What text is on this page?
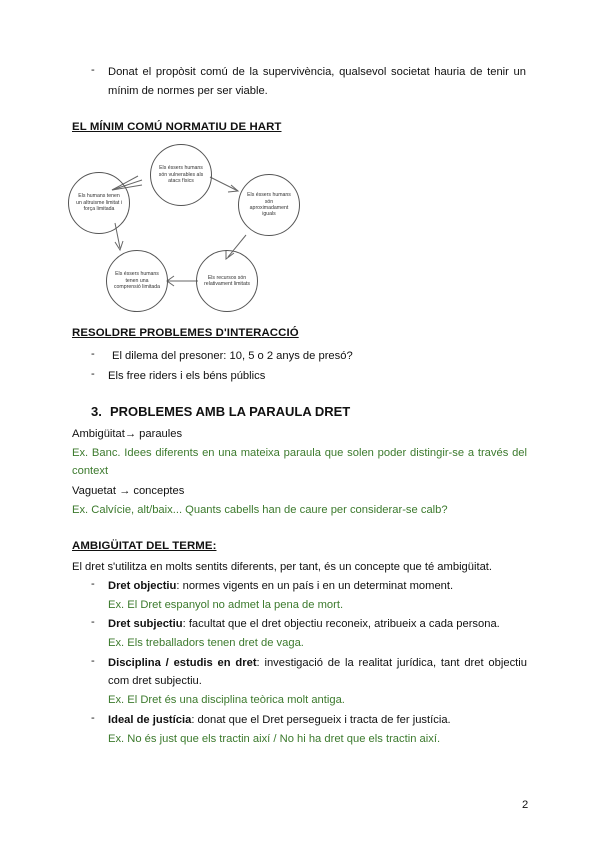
- Donat el propòsit comú de la supervivència, qualsevol societat hauria de tenir un
mínim de normes per ser viable.
EL MÍNIM COMÚ NORMATIU DE HART
Els éssers humans són vulnerables als atacs físics
Els éssers humans són aproximadament iguals
Els recursos són relativament limitats
Els éssers humans tenen una comprensió limitada
Els humans tenen un altruisme limitat i força limitada
RESOLDRE PROBLEMES D'INTERACCIÓ
- El dilema del presoner: 10, 5 o 2 anys de presó?
- Els free riders i els béns públics
3. PROBLEMES AMB LA PARAULA DRET
Ambigüitat→ paraules
Ex. Banc. Idees diferents en una mateixa paraula que solen poder distingir-se a través del
context
Vaguetat → conceptes
Ex. Calvície, alt/baix... Quants cabells han de caure per considerar-se calb?
AMBIGÜITAT DEL TERME:
El dret s'utilitza en molts sentits diferents, per tant, és un concepte que té ambigüitat.
- Dret objectiu: normes vigents en un país i en un determinat moment.
Ex. El Dret espanyol no admet la pena de mort.
- Dret subjectiu: facultat que el dret objectiu reconeix, atribueix a cada persona.
Ex. Els treballadors tenen dret de vaga.
- Disciplina / estudis en dret: investigació de la realitat jurídica, tant dret objectiu
com dret subjectiu.
Ex. El Dret és una disciplina teòrica molt antiga.
- Ideal de justícia: donat que el Dret persegueix i tracta de fer justícia.
Ex. No és just que els tractin així / No hi ha dret que els tractin així.
2
